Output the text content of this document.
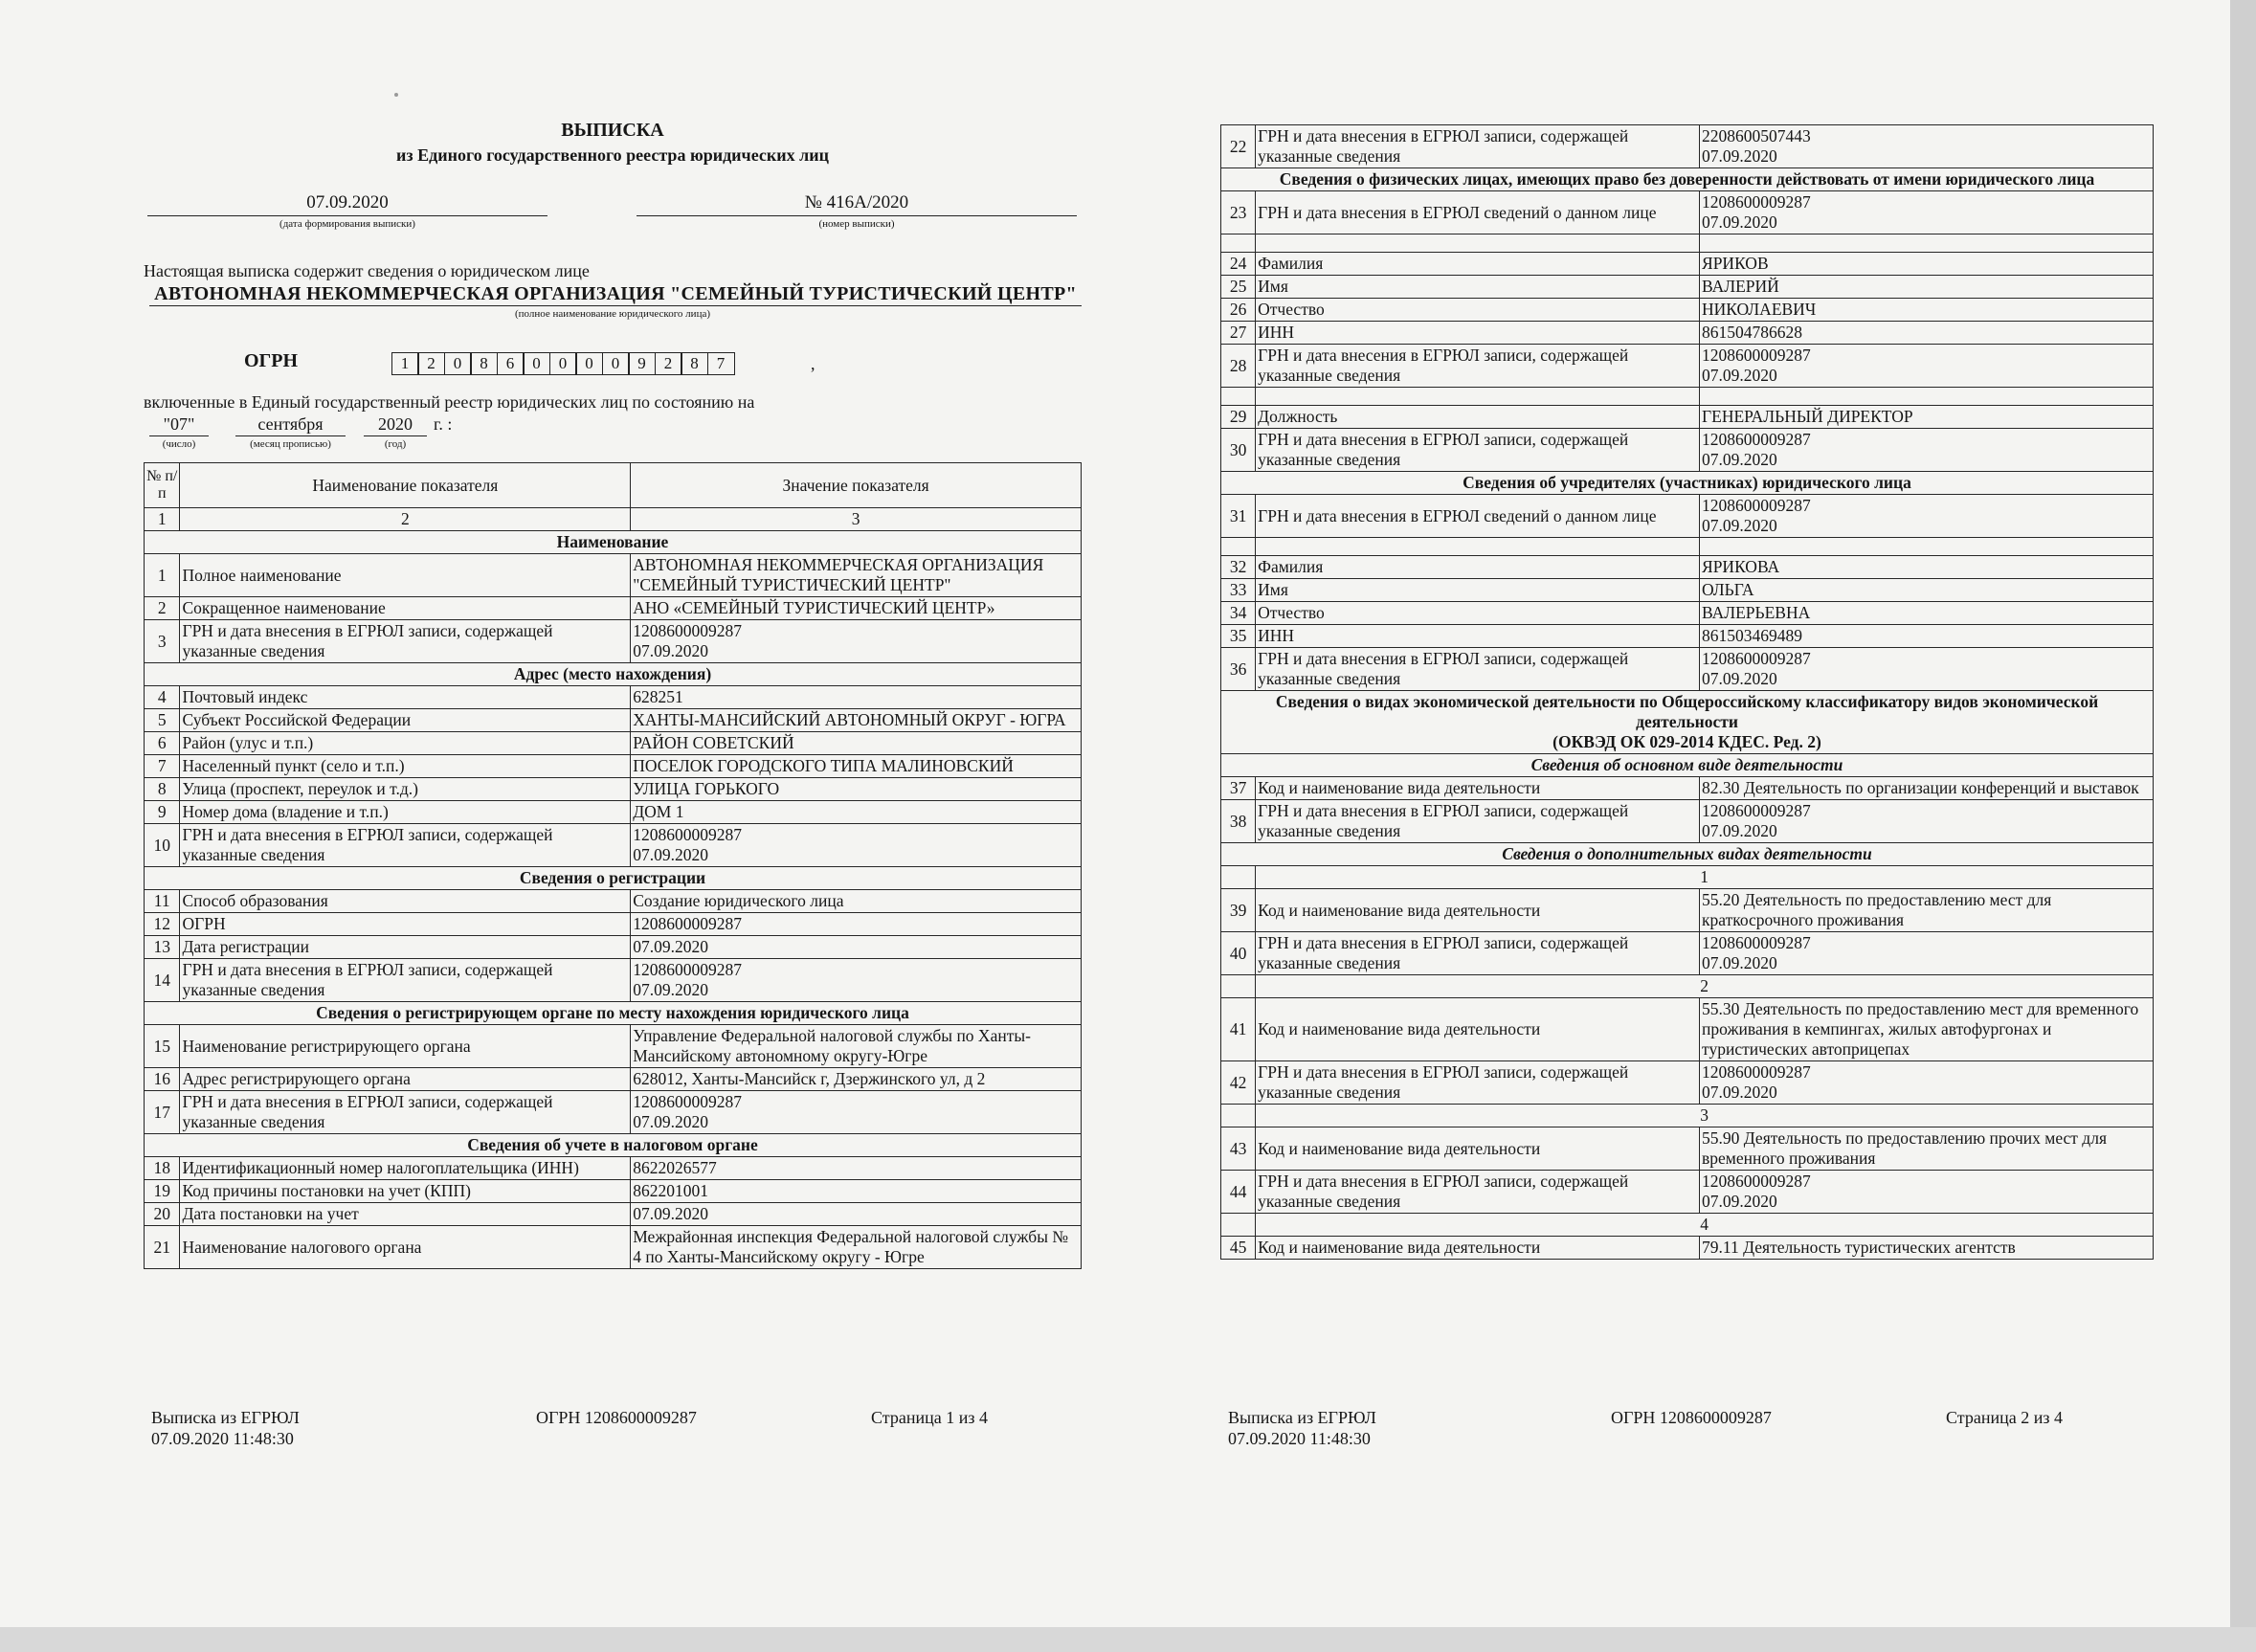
ВЫПИСКА
из Единого государственного реестра юридических лиц
07.09.2020
(дата формирования выписки)
№ 416А/2020
(номер выписки)
Настоящая выписка содержит сведения о юридическом лице
АВТОНОМНАЯ НЕКОММЕРЧЕСКАЯ ОРГАНИЗАЦИЯ "СЕМЕЙНЫЙ ТУРИСТИЧЕСКИЙ ЦЕНТР"
(полное наименование юридического лица)
ОГРН	1	2	0	8	6	0	0	0	0	9	2	8	7	,
включенные в Единый государственный реестр юридических лиц по состоянию на
"07"
(число)
сентября
(месяц прописью)
2020
(год)
г. :
№ п/п	Наименование показателя	Значение показателя
1	2	3
Наименование		
1	Полное наименование	АВТОНОМНАЯ НЕКОММЕРЧЕСКАЯ ОРГАНИЗАЦИЯ "СЕМЕЙНЫЙ ТУРИСТИЧЕСКИЙ ЦЕНТР"
2	Сокращенное наименование	АНО «СЕМЕЙНЫЙ ТУРИСТИЧЕСКИЙ ЦЕНТР»
3	ГРН и дата внесения в ЕГРЮЛ записи, содержащей указанные сведения	1208600009287
07.09.2020
Адрес (место нахождения)		
4	Почтовый индекс	628251
5	Субъект Российской Федерации	ХАНТЫ-МАНСИЙСКИЙ АВТОНОМНЫЙ ОКРУГ - ЮГРА
6	Район (улус и т.п.)	РАЙОН СОВЕТСКИЙ
7	Населенный пункт (село и т.п.)	ПОСЕЛОК ГОРОДСКОГО ТИПА МАЛИНОВСКИЙ
8	Улица (проспект, переулок и т.д.)	УЛИЦА ГОРЬКОГО
9	Номер дома (владение и т.п.)	ДОМ 1
10	ГРН и дата внесения в ЕГРЮЛ записи, содержащей указанные сведения	1208600009287
07.09.2020
Сведения о регистрации		
11	Способ образования	Создание юридического лица
12	ОГРН	1208600009287
13	Дата регистрации	07.09.2020
14	ГРН и дата внесения в ЕГРЮЛ записи, содержащей указанные сведения	1208600009287
07.09.2020
Сведения о регистрирующем органе по месту нахождения юридического лица		
15	Наименование регистрирующего органа	Управление Федеральной налоговой службы по Ханты-Мансийскому автономному округу-Югре
16	Адрес регистрирующего органа	628012, Ханты-Мансийск г, Дзержинского ул, д 2
17	ГРН и дата внесения в ЕГРЮЛ записи, содержащей указанные сведения	1208600009287
07.09.2020
Сведения об учете в налоговом органе		
18	Идентификационный номер налогоплательщика (ИНН)	8622026577
19	Код причины постановки на учет (КПП)	862201001
20	Дата постановки на учет	07.09.2020
21	Наименование налогового органа	Межрайонная инспекция Федеральной налоговой службы № 4 по Ханты-Мансийскому округу - Югре
Выписка из ЕГРЮЛ
07.09.2020 11:48:30
ОГРН 1208600009287	Страница 1 из 4
22	ГРН и дата внесения в ЕГРЮЛ записи, содержащей указанные сведения	2208600507443
07.09.2020
Сведения о физических лицах, имеющих право без доверенности действовать от имени юридического лица		
23	ГРН и дата внесения в ЕГРЮЛ сведений о данном лице	1208600009287
07.09.2020

24	Фамилия	ЯРИКОВ
25	Имя	ВАЛЕРИЙ
26	Отчество	НИКОЛАЕВИЧ
27	ИНН	861504786628
28	ГРН и дата внесения в ЕГРЮЛ записи, содержащей указанные сведения	1208600009287
07.09.2020

29	Должность	ГЕНЕРАЛЬНЫЙ ДИРЕКТОР
30	ГРН и дата внесения в ЕГРЮЛ записи, содержащей указанные сведения	1208600009287
07.09.2020
Сведения об учредителях (участниках) юридического лица		
31	ГРН и дата внесения в ЕГРЮЛ сведений о данном лице	1208600009287
07.09.2020

32	Фамилия	ЯРИКОВА
33	Имя	ОЛЬГА
34	Отчество	ВАЛЕРЬЕВНА
35	ИНН	861503469489
36	ГРН и дата внесения в ЕГРЮЛ записи, содержащей указанные сведения	1208600009287
07.09.2020
Сведения о видах экономической деятельности по Общероссийскому классификатору видов экономической деятельности
(ОКВЭД ОК 029-2014 КДЕС. Ред. 2)		
Сведения об основном виде деятельности		
37	Код и наименование вида деятельности	82.30 Деятельность по организации конференций и выставок
38	ГРН и дата внесения в ЕГРЮЛ записи, содержащей указанные сведения	1208600009287
07.09.2020
Сведения о дополнительных видах деятельности		
	1	
39	Код и наименование вида деятельности	55.20 Деятельность по предоставлению мест для краткосрочного проживания
40	ГРН и дата внесения в ЕГРЮЛ записи, содержащей указанные сведения	1208600009287
07.09.2020
	2	
41	Код и наименование вида деятельности	55.30 Деятельность по предоставлению мест для временного проживания в кемпингах, жилых автофургонах и туристических автоприцепах
42	ГРН и дата внесения в ЕГРЮЛ записи, содержащей указанные сведения	1208600009287
07.09.2020
	3	
43	Код и наименование вида деятельности	55.90 Деятельность по предоставлению прочих мест для временного проживания
44	ГРН и дата внесения в ЕГРЮЛ записи, содержащей указанные сведения	1208600009287
07.09.2020
	4	
45	Код и наименование вида деятельности	79.11 Деятельность туристических агентств
Выписка из ЕГРЮЛ
07.09.2020 11:48:30
ОГРН 1208600009287	Страница 2 из 4
